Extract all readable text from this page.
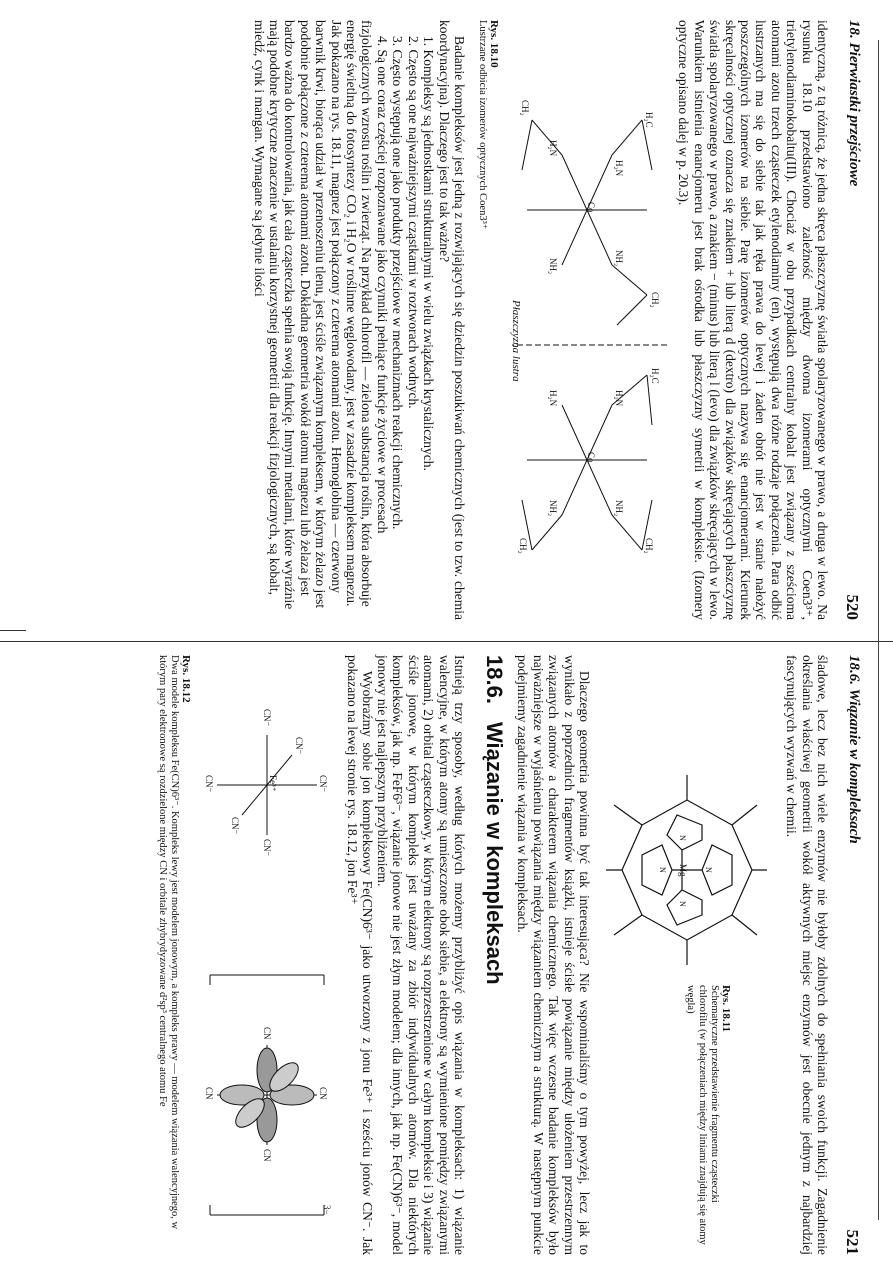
18. Pierwiastki przejściowe
520

identyczną, z tą różnicą, że jedna skręca płaszczyznę światła spolaryzowanego w prawo, a druga w lewo. Na rysunku 18.10 przedstawiono zależność między dwoma izomerami optycznymi Coen3³⁺, trietylenodiaminokobaltu(III). Chociaż w obu przypadkach centralny kobalt jest związany z sześcioma atomami azotu trzech cząsteczek etylenodiaminy (en), występują dwa różne rodzaje połączenia. Para odbić lustrzanych ma się do siebie tak jak ręka prawa do lewej i żaden obrót nie jest w stanie nałożyć poszczególnych izomerów na siebie. Parę izomerów optycznych nazywa się enancjomerami. Kierunek skręcalności optycznej oznacza się znakiem + lub literą d (dextro) dla związków skręcających płaszczyznę światła spolaryzowanego w prawo, a znakiem − (minus) lub literą l (levo) dla związków skręcających w lewo. Warunkiem istnienia enancjomeru jest brak ośrodka lub płaszczyzny symetrii w kompleksie. (Izomery optyczne opisano dalej w p. 20.3).

Co
H₂N
NH₂
H₂N
NH₂
H₂C
CH₂
CH₂
Co
H₂N
NH₂
H₂N
NH₂
H₂C
CH₂
CH₂
Płaszczyzna lustra
Rys. 18.10
Lustrzane odbicia izomerów optycznych Coen3³⁺

Badanie kompleksów jest jedną z rozwijających się dziedzin poszukiwań chemicznych (jest to tzw. chemia koordynacyjna). Dlaczego jest to tak ważne?

1. Kompleksy są jednostkami strukturalnymi w wielu związkach krystalicznych.
2. Często są one najważniejszymi cząstkami w roztworach wodnych.
3. Często występują one jako produkty przejściowe w mechanizmach reakcji chemicznych.
4. Są one coraz częściej rozpoznawane jako czynniki pełniące funkcje życiowe w procesach fizjologicznych wzrostu roślin i zwierząt. Na przykład chlorofil — zielona substancja roślin, która absorbuje energię świetlną do fotosyntezy CO₂ i H₂O w roślinne węglowodany, jest w zasadzie kompleksem magnezu. Jak pokazano na rys. 18.11, magnez jest połączony z czterema atomami azotu. Hemoglobina — czerwony barwnik krwi, biorąca udział w przenoszeniu tlenu, jest ściśle związanym kompleksem, w którym żelazo jest podobnie połączone z czterema atomami azotu. Dokładna geometria wokół atomu magnezu lub żelaza jest bardzo ważna do kontrolowania, jak cała cząsteczka spełnia swoją funkcję. Innymi metalami, które wyraźnie mają podobne krytyczne znaczenie w ustalaniu korzystnej geometrii dla reakcji fizjologicznych, są kobalt, miedź, cynk i mangan. Wymagane są jedynie ilości
18.6. Wiązanie w kompleksach
521

śladowe, lecz bez nich wiele enzymów nie byłoby zdolnych do spełniania swoich funkcji. Zagadnienie określania właściwej geometrii wokół aktywnych miejsc enzymów jest obecnie jednym z najbardziej fascynujących wyzwań w chemii.

N
N
N
N
Mg
Rys. 18.11
Schematyczne przedstawienie fragmentu cząsteczki chlorofilu (w połączeniach między liniami znajdują się atomy węgla)

Dlaczego geometria powinna być tak interesująca? Nie wspominaliśmy o tym powyżej, lecz jak to wynikało z poprzednich fragmentów książki, istnieje ścisłe powiązanie między ułożeniem przestrzennym związanych atomów a charakterem wiązania chemicznego. Tak więc wczesne badanie kompleksów było najważniejsze w wyjaśnieniu powiązania między wiązaniem chemicznym a strukturą. W następnym punkcie podejmiemy zagadnienie wiązania w kompleksach.

18.6.Wiązanie w kompleksach

Istnieją trzy sposoby, według których możemy przybliżyć opis wiązania w kompleksach: 1) wiązanie walencyjne, w którym atomy są umieszczone obok siebie, a elektrony są wymienione pomiędzy związanymi atomami, 2) orbital cząsteczkowy, w którym elektrony są rozprzestrzenione w całym kompleksie i 3) wiązanie ściśle jonowe, w którym kompleks jest uważany za zbiór indywidualnych atomów. Dla niektórych kompleksów, jak np. FeF6³⁻, wiązanie jonowe nie jest złym modelem; dla innych, jak np. Fe(CN)6³⁻, model jonowy nie jest najlepszym przybliżeniem.

Wyobraźmy sobie jon kompleksowy Fe(CN)6³⁻ jako utworzony z jonu Fe³⁺ i sześciu jonów CN⁻. Jak pokazano na lewej stronie rys. 18.12, jon Fe³⁺

Fe³⁺	CN⁻
CN⁻
CN⁻
CN⁻
CN⁻
CN⁻
CN
CN
CN
CN
3−
Rys. 18.12
Dwa modele kompleksu Fe(CN)6³⁻. Kompleks lewy jest modelem jonowym, a kompleks prawy — modelem wiązania walencyjnego, w którym pary elektronowe są rozdzielone między CN i orbitale zhybrydyzowane d²sp³ centralnego atomu Fe
